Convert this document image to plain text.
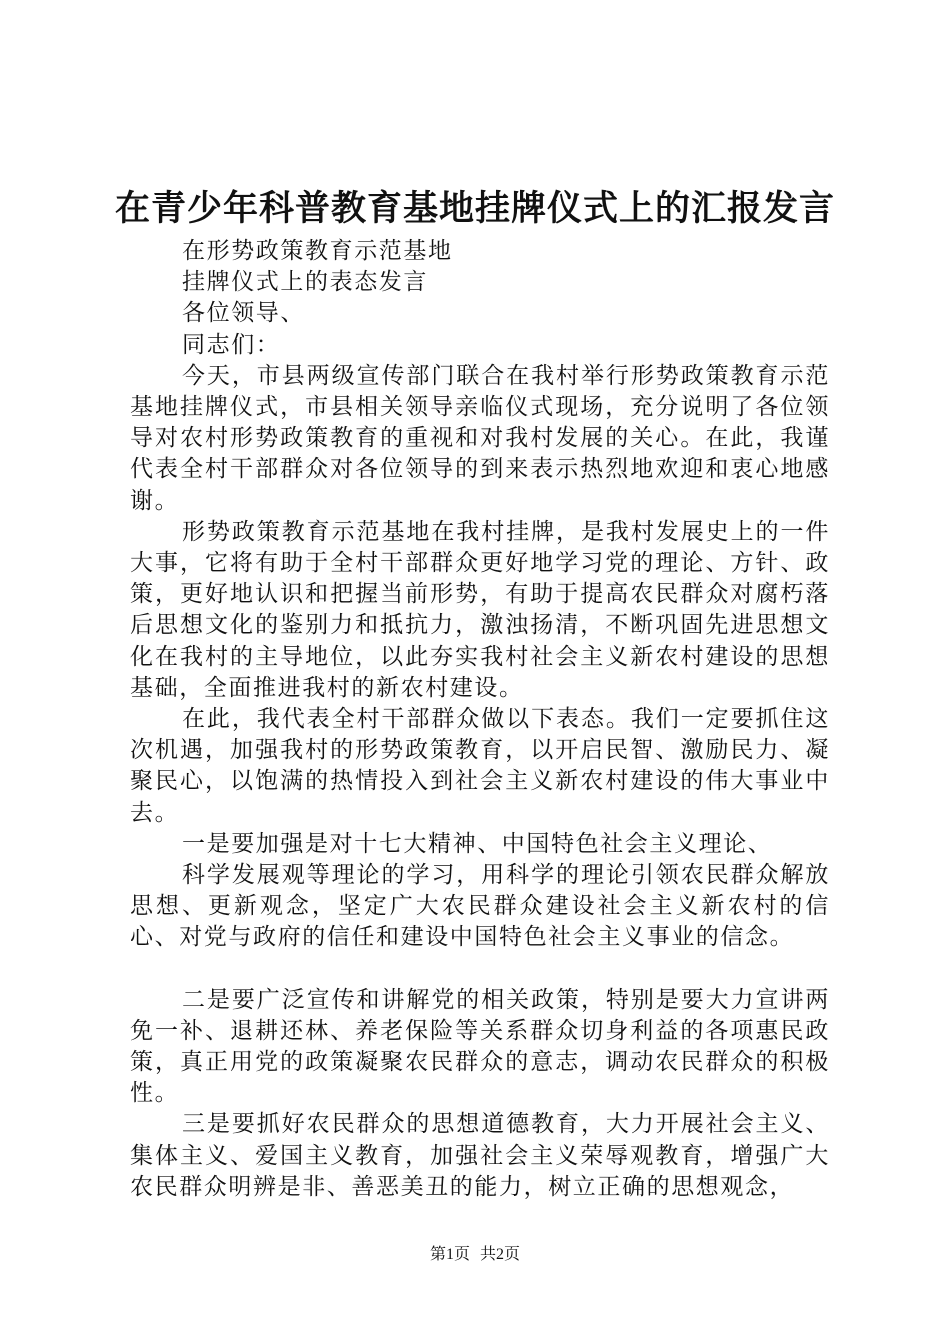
在青少年科普教育基地挂牌仪式上的汇报发言

在形势政策教育示范基地

挂牌仪式上的表态发言

各位领导、

同志们：

今天，市县两级宣传部门联合在我村举行形势政策教育示范基地挂牌仪式，市县相关领导亲临仪式现场，充分说明了各位领导对农村形势政策教育的重视和对我村发展的关心。在此，我谨代表全村干部群众对各位领导的到来表示热烈地欢迎和衷心地感谢。

形势政策教育示范基地在我村挂牌，是我村发展史上的一件大事，它将有助于全村干部群众更好地学习党的理论、方针、政策，更好地认识和把握当前形势，有助于提高农民群众对腐朽落后思想文化的鉴别力和抵抗力，激浊扬清，不断巩固先进思想文化在我村的主导地位，以此夯实我村社会主义新农村建设的思想基础，全面推进我村的新农村建设。

在此，我代表全村干部群众做以下表态。我们一定要抓住这次机遇，加强我村的形势政策教育，以开启民智、激励民力、凝聚民心，以饱满的热情投入到社会主义新农村建设的伟大事业中去。

一是要加强是对十七大精神、中国特色社会主义理论、

科学发展观等理论的学习，用科学的理论引领农民群众解放思想、更新观念，坚定广大农民群众建设社会主义新农村的信心、对党与政府的信任和建设中国特色社会主义事业的信念。

二是要广泛宣传和讲解党的相关政策，特别是要大力宣讲两免一补、退耕还林、养老保险等关系群众切身利益的各项惠民政策，真正用党的政策凝聚农民群众的意志，调动农民群众的积极性。

三是要抓好农民群众的思想道德教育，大力开展社会主义、集体主义、爱国主义教育，加强社会主义荣辱观教育，增强广大农民群众明辨是非、善恶美丑的能力，树立正确的思想观念，

第1页 共2页
